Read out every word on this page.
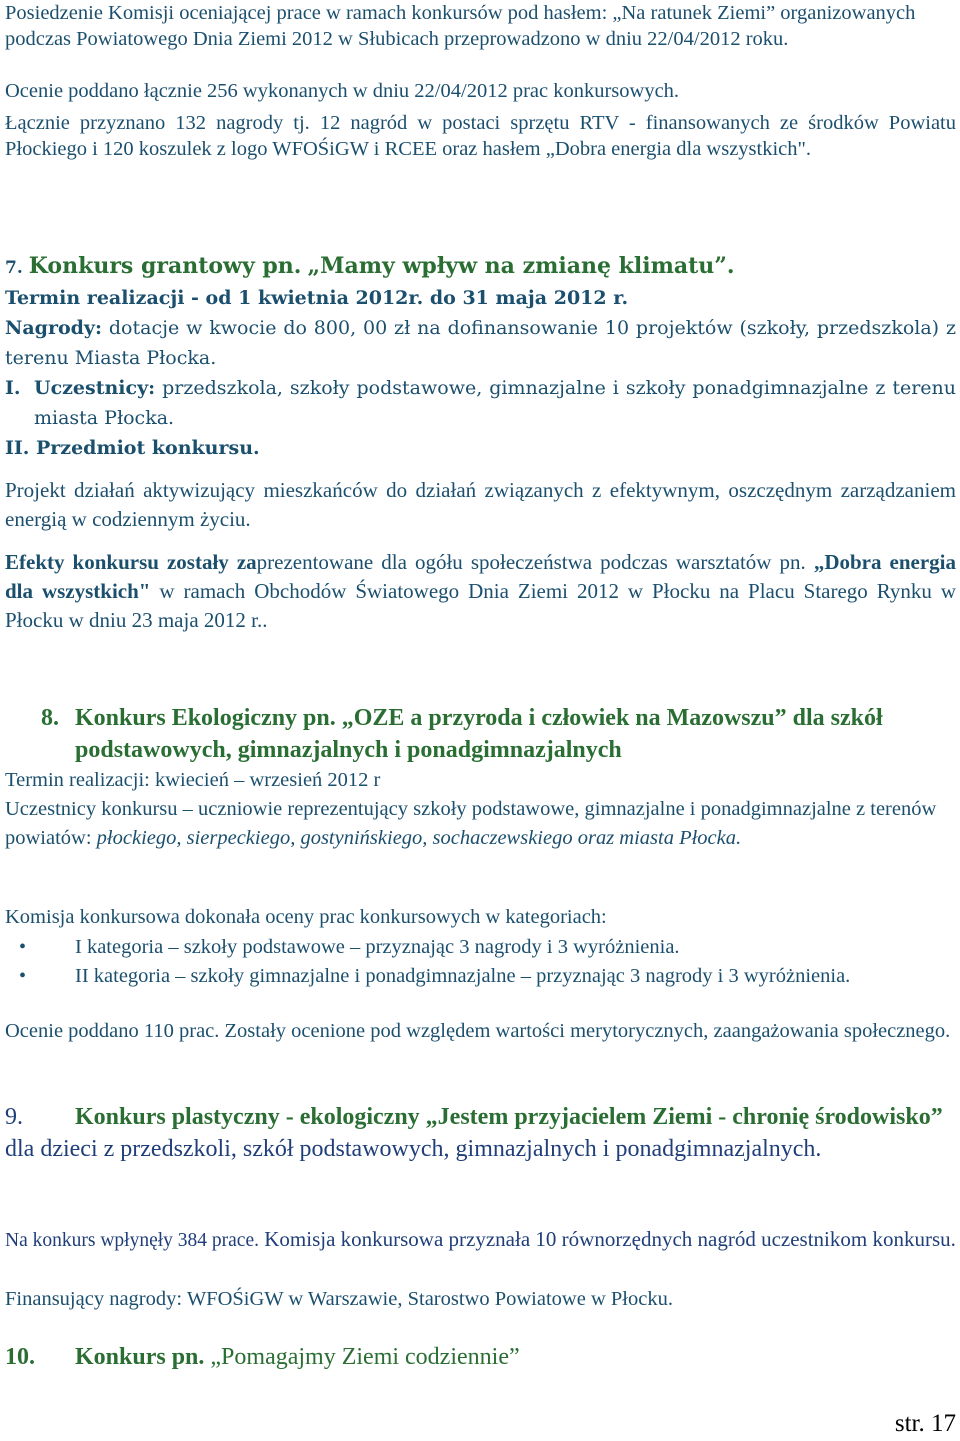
Posiedzenie Komisji oceniającej prace w ramach konkursów pod hasłem: „Na ratunek Ziemi” organizowanych podczas Powiatowego Dnia Ziemi 2012 w Słubicach przeprowadzono w dniu 22/04/2012 roku.

Ocenie poddano łącznie 256 wykonanych w dniu 22/04/2012 prac konkursowych.

Łącznie przyznano 132 nagrody tj. 12 nagród w postaci sprzętu RTV - finansowanych ze środków Powiatu Płockiego i 120 koszulek z logo WFOŚiGW i RCEE oraz hasłem „Dobra energia dla wszystkich".

7. Konkurs grantowy pn. „Mamy wpływ na zmianę klimatu”.
Termin realizacji - od 1 kwietnia 2012r. do 31 maja 2012 r.
Nagrody: dotacje w kwocie do 800, 00 zł na dofinansowanie 10 projektów (szkoły, przedszkola) z terenu Miasta Płocka.
I. Uczestnicy: przedszkola, szkoły podstawowe, gimnazjalne i szkoły ponadgimnazjalne z terenu miasta Płocka.
II. Przedmiot konkursu.

Projekt działań aktywizujący mieszkańców do działań związanych z efektywnym, oszczędnym zarządzaniem energią w codziennym życiu.

Efekty konkursu zostały zaprezentowane dla ogółu społeczeństwa podczas warsztatów pn. „Dobra energia dla wszystkich" w ramach Obchodów Światowego Dnia Ziemi 2012 w Płocku na Placu Starego Rynku w Płocku w dniu 23 maja 2012 r..

8. Konkurs Ekologiczny pn. „OZE a przyroda i człowiek na Mazowszu” dla szkół podstawowych, gimnazjalnych i ponadgimnazjalnych
Termin realizacji: kwiecień – wrzesień 2012 r
Uczestnicy konkursu – uczniowie reprezentujący szkoły podstawowe, gimnazjalne i ponadgimnazjalne z terenów powiatów: płockiego, sierpeckiego, gostynińskiego, sochaczewskiego oraz miasta Płocka.
Komisja konkursowa dokonała oceny prac konkursowych w kategoriach:
• I kategoria – szkoły podstawowe – przyznając 3 nagrody i 3 wyróżnienia.
• II kategoria – szkoły gimnazjalne i ponadgimnazjalne – przyznając 3 nagrody i 3 wyróżnienia.

Ocenie poddano 110 prac. Zostały ocenione pod względem wartości merytorycznych, zaangażowania społecznego.

9. Konkurs plastyczny - ekologiczny „Jestem przyjacielem Ziemi - chronię środowisko” dla dzieci z przedszkoli, szkół podstawowych, gimnazjalnych i ponadgimnazjalnych.
Na konkurs wpłynęły 384 prace. Komisja konkursowa przyznała 10 równorzędnych nagród uczestnikom konkursu.
Finansujący nagrody: WFOŚiGW w Warszawie, Starostwo Powiatowe w Płocku.
10. Konkurs pn. „Pomagajmy Ziemi codziennie”
str. 17
